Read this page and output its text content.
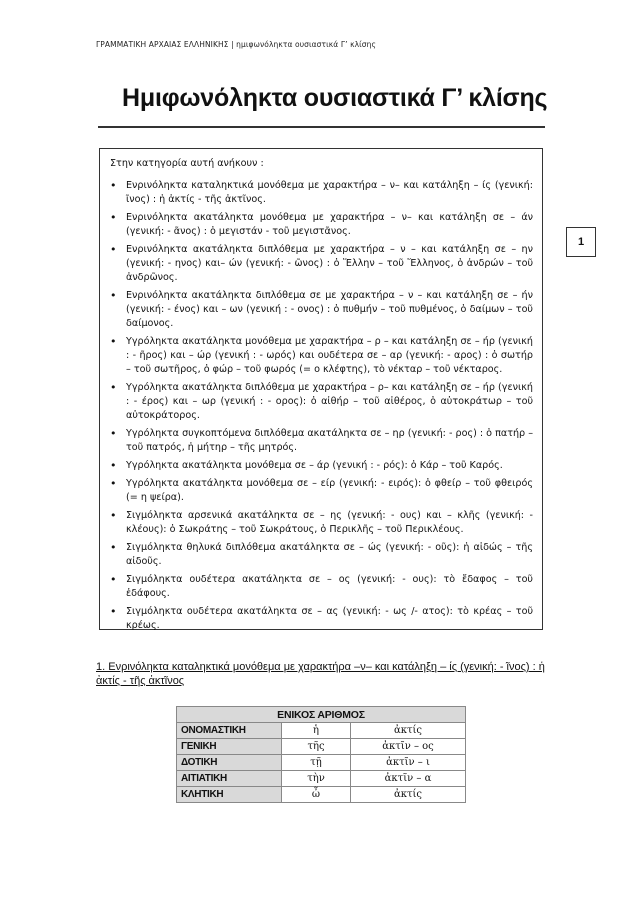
ΓΡΑΜΜΑΤΙΚΗ ΑΡΧΑΙΑΣ ΕΛΛΗΝΙΚΗΣ | ημιφωνόληκτα ουσιαστικά Γ’ κλίσης
Ημιφωνόληκτα ουσιαστικά Γ’ κλίσης
1

Στην κατηγορία αυτή ανήκουν :

• Ενρινόληκτα καταληκτικά μονόθεμα με χαρακτήρα – ν– και κατάληξη – ίς (γενική: ῖνος) : ἡ ἀκτίς - τῆς ἀκτῖνος.
• Ενρινόληκτα ακατάληκτα μονόθεμα με χαρακτήρα – ν– και κατάληξη σε – άν (γενική: - ᾶνος) : ὁ μεγιστάν - τοῦ μεγιστᾶνος.
• Ενρινόληκτα ακατάληκτα διπλόθεμα με χαρακτήρα – ν – και κατάληξη σε – ην (γενική: - ηνος) και– ών (γενική: - ῶνος) : ὁ Ἕλλην – τοῦ Ἕλληνος, ὁ ἀνδρών – τοῦ ἀνδρῶνος.
• Ενρινόληκτα ακατάληκτα διπλόθεμα σε με χαρακτήρα – ν – και κατάληξη σε – ήν (γενική: - ένος) και – ων (γενική : - ονος) : ὁ πυθμήν – τοῦ πυθμένος, ὁ δαίμων – τοῦ δαίμονος.
• Υγρόληκτα ακατάληκτα μονόθεμα με χαρακτήρα – ρ – και κατάληξη σε – ήρ (γενική : - ῆρος) και – ώρ (γενική : - ωρός) και ουδέτερα σε – αρ (γενική: - αρος) : ὁ σωτήρ – τοῦ σωτῆρος, ὁ φώρ – τοῦ φωρός (= ο κλέφτης), τὸ νέκταρ – τοῦ νέκταρος.
• Υγρόληκτα ακατάληκτα διπλόθεμα με χαρακτήρα – ρ– και κατάληξη σε – ήρ (γενική : - έρος) και – ωρ (γενική : - ορος): ὁ αἰθήρ – τοῦ αἰθέρος, ὁ αὐτοκράτωρ – τοῦ αὐτοκράτορος.
• Υγρόληκτα συγκοπτόμενα διπλόθεμα ακατάληκτα σε – ηρ (γενική: - ρος) : ὁ πατήρ – τοῦ πατρός, ἡ μήτηρ – τῆς μητρός.
• Υγρόληκτα ακατάληκτα μονόθεμα σε – άρ (γενική : - ρός): ὁ Κάρ – τοῦ Καρός.
• Υγρόληκτα ακατάληκτα μονόθεμα σε – είρ (γενική: - ειρός): ὁ φθείρ – τοῦ φθειρός (= η ψείρα).
• Σιγμόληκτα αρσενικά ακατάληκτα σε – ης (γενική: - ους) και – κλῆς (γενική: - κλέους): ὁ Σωκράτης – τοῦ Σωκράτους, ὁ Περικλῆς – τοῦ Περικλέους.
• Σιγμόληκτα θηλυκά διπλόθεμα ακατάληκτα σε – ώς (γενική: - οῦς): ἡ αἰδώς – τῆς αἰδοῦς.
• Σιγμόληκτα ουδέτερα ακατάληκτα σε – ος (γενική: - ους): τὸ ἔδαφος – τοῦ ἐδάφους.
• Σιγμόληκτα ουδέτερα ακατάληκτα σε – ας (γενική: - ως /- ατος): τὸ κρέας – τοῦ κρέως.
1. Ενρινόληκτα καταληκτικά μονόθεμα με χαρακτήρα –ν– και κατάληξη – ίς (γενική: - ῖνος) : ἡ ἀκτίς - τῆς ἀκτῖνος
ΕΝΙΚΟΣ ΑΡΙΘΜΟΣ		
ΟΝΟΜΑΣΤΙΚΗ	ἡ	ἀκτίς
ΓΕΝΙΚΗ	τῆς	ἀκτῖν – ος
ΔΟΤΙΚΗ	τῇ	ἀκτῖν – ι
ΑΙΤΙΑΤΙΚΗ	τὴν	ἀκτῖν – α
ΚΛΗΤΙΚΗ	ὦ	ἀκτίς
